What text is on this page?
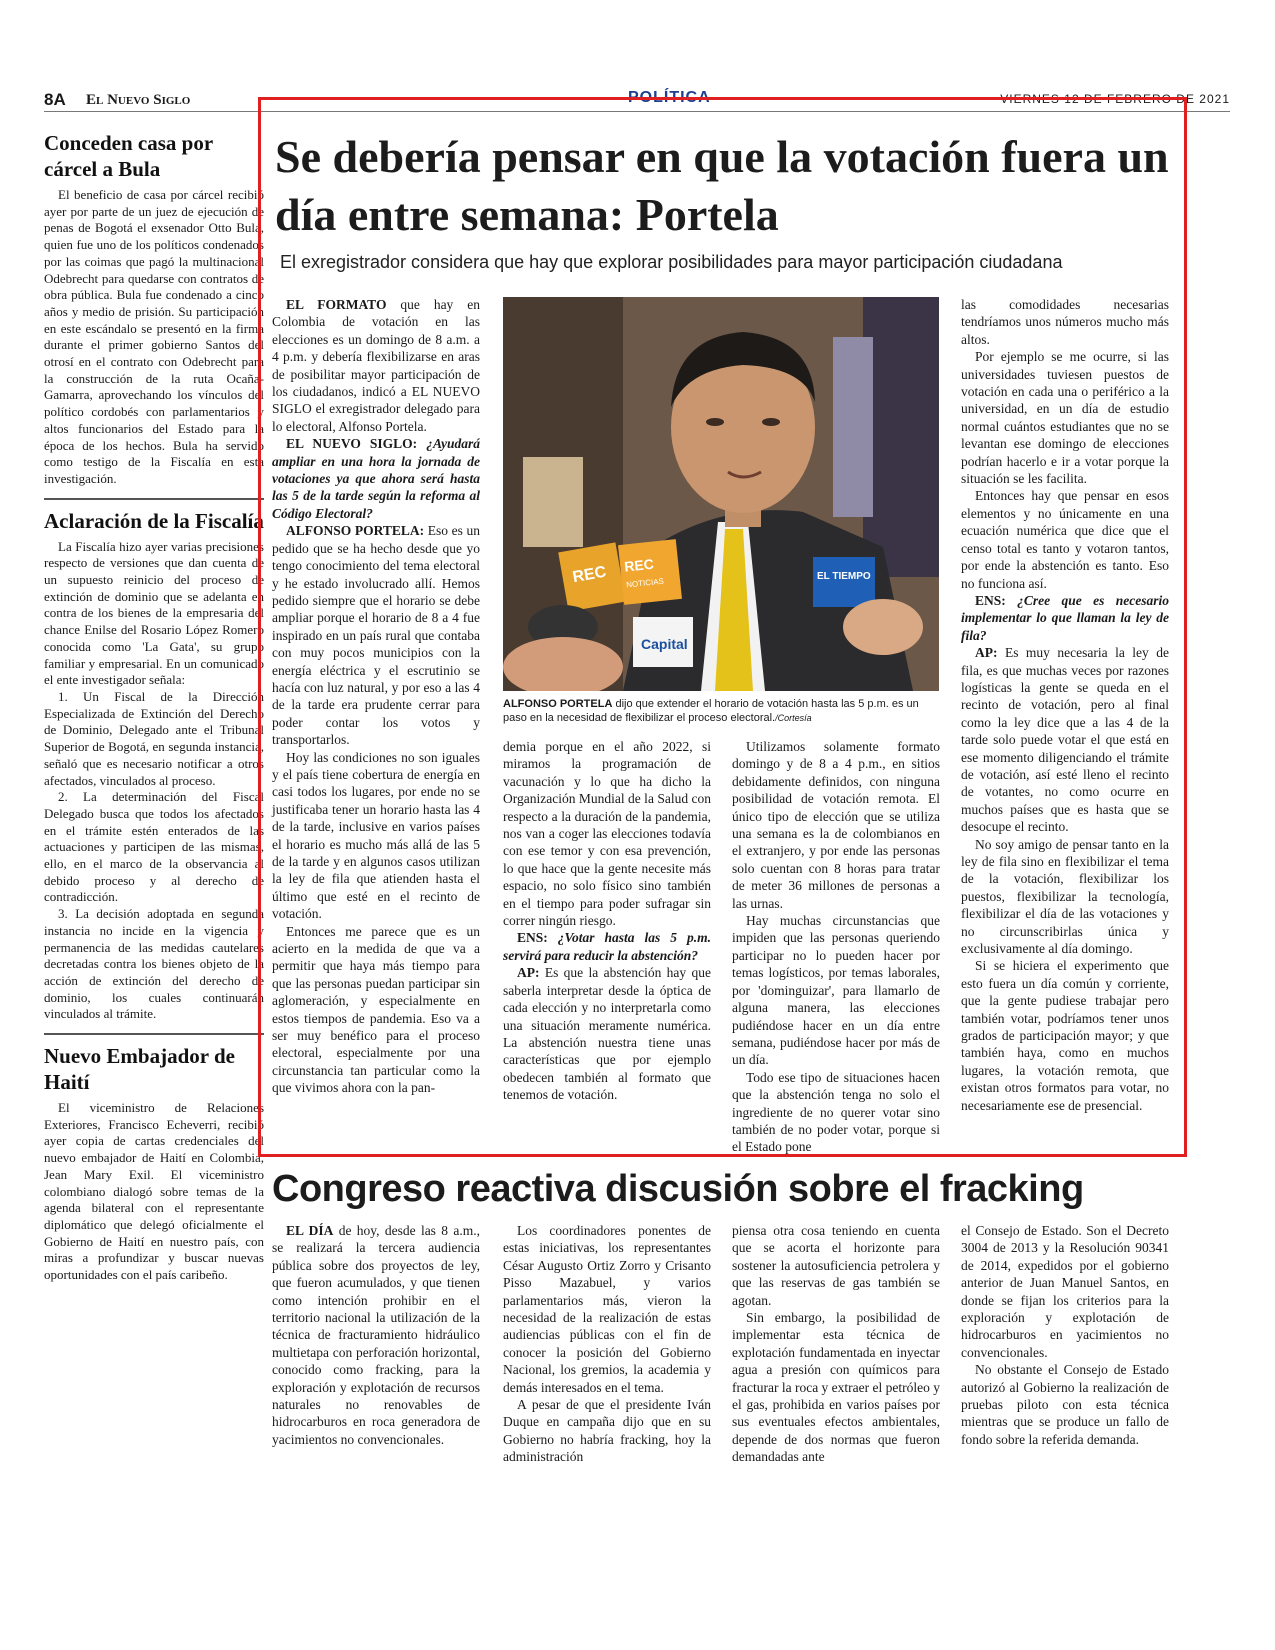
8A El Nuevo Siglo	POLÍTICA	VIERNES 12 DE FEBRERO DE 2021
Conceden casa por cárcel a Bula

El beneficio de casa por cárcel recibió ayer por parte de un juez de ejecución de penas de Bogotá el exsenador Otto Bula, quien fue uno de los políticos condenados por las coimas que pagó la multinacional Odebrecht para quedarse con contratos de obra pública. Bula fue condenado a cinco años y medio de prisión. Su participación en este escándalo se presentó en la firma durante el primer gobierno Santos del otrosí en el contrato con Odebrecht para la construcción de la ruta Ocaña-Gamarra, aprovechando los vínculos del político cordobés con parlamentarios y altos funcionarios del Estado para la época de los hechos. Bula ha servido como testigo de la Fiscalía en esta investigación.

Aclaración de la Fiscalía

La Fiscalía hizo ayer varias precisiones respecto de versiones que dan cuenta de un supuesto reinicio del proceso de extinción de dominio que se adelanta en contra de los bienes de la empresaria del chance Enilse del Rosario López Romero conocida como 'La Gata', su grupo familiar y empresarial. En un comunicado el ente investigador señala:

1. Un Fiscal de la Dirección Especializada de Extinción del Derecho de Dominio, Delegado ante el Tribunal Superior de Bogotá, en segunda instancia, señaló que es necesario notificar a otros afectados, vinculados al proceso.

2. La determinación del Fiscal Delegado busca que todos los afectados en el trámite estén enterados de las actuaciones y participen de las mismas, ello, en el marco de la observancia al debido proceso y al derecho de contradicción.

3. La decisión adoptada en segunda instancia no incide en la vigencia y permanencia de las medidas cautelares decretadas contra los bienes objeto de la acción de extinción del derecho de dominio, los cuales continuarán vinculados al trámite.

Nuevo Embajador de Haití

El viceministro de Relaciones Exteriores, Francisco Echeverri, recibió ayer copia de cartas credenciales del nuevo embajador de Haití en Colombia, Jean Mary Exil. El viceministro colombiano dialogó sobre temas de la agenda bilateral con el representante diplomático que delegó oficialmente el Gobierno de Haití en nuestro país, con miras a profundizar y buscar nuevas oportunidades con el país caribeño.

Se debería pensar en que la votación fuera un día entre semana: Portela
El exregistrador considera que hay que explorar posibilidades para mayor participación ciudadana

EL FORMATO que hay en Colombia de votación en las elecciones es un domingo de 8 a.m. a 4 p.m. y debería flexibilizarse en aras de posibilitar mayor participación de los ciudadanos, indicó a EL NUEVO SIGLO el exregistrador delegado para lo electoral, Alfonso Portela.

EL NUEVO SIGLO: ¿Ayudará ampliar en una hora la jornada de votaciones ya que ahora será hasta las 5 de la tarde según la reforma al Código Electoral?

ALFONSO PORTELA: Eso es un pedido que se ha hecho desde que yo tengo conocimiento del tema electoral y he estado involucrado allí. Hemos pedido siempre que el horario se debe ampliar porque el horario de 8 a 4 fue inspirado en un país rural que contaba con muy pocos municipios con la energía eléctrica y el escrutinio se hacía con luz natural, y por eso a las 4 de la tarde era prudente cerrar para poder contar los votos y transportarlos.

Hoy las condiciones no son iguales y el país tiene cobertura de energía en casi todos los lugares, por ende no se justificaba tener un horario hasta las 4 de la tarde, inclusive en varios países el horario es mucho más allá de las 5 de la tarde y en algunos casos utilizan la ley de fila que atienden hasta el último que esté en el recinto de votación.

Entonces me parece que es un acierto en la medida de que va a permitir que haya más tiempo para que las personas puedan participar sin aglomeración, y especialmente en estos tiempos de pandemia. Eso va a ser muy benéfico para el proceso electoral, especialmente por una circunstancia tan particular como la que vivimos ahora con la pan-

REC REC
NOTICIAS
EL TIEMPO
Capital
ALFONSO PORTELA dijo que extender el horario de votación hasta las 5 p.m. es un paso en la necesidad de flexibilizar el proceso electoral./Cortesía

demia porque en el año 2022, si miramos la programación de vacunación y lo que ha dicho la Organización Mundial de la Salud con respecto a la duración de la pandemia, nos van a coger las elecciones todavía con ese temor y con esa prevención, lo que hace que la gente necesite más espacio, no solo físico sino también en el tiempo para poder sufragar sin correr ningún riesgo.

ENS: ¿Votar hasta las 5 p.m. servirá para reducir la abstención?

AP: Es que la abstención hay que saberla interpretar desde la óptica de cada elección y no interpretarla como una situación meramente numérica. La abstención nuestra tiene unas características que por ejemplo obedecen también al formato que tenemos de votación.

Utilizamos solamente formato domingo y de 8 a 4 p.m., en sitios debidamente definidos, con ninguna posibilidad de votación remota. El único tipo de elección que se utiliza una semana es la de colombianos en el extranjero, y por ende las personas solo cuentan con 8 horas para tratar de meter 36 millones de personas a las urnas.

Hay muchas circunstancias que impiden que las personas queriendo participar no lo pueden hacer por temas logísticos, por temas laborales, por 'dominguizar', para llamarlo de alguna manera, las elecciones pudiéndose hacer en un día entre semana, pudiéndose hacer por más de un día.

Todo ese tipo de situaciones hacen que la abstención tenga no solo el ingrediente de no querer votar sino también de no poder votar, porque si el Estado pone

las comodidades necesarias tendríamos unos números mucho más altos.

Por ejemplo se me ocurre, si las universidades tuviesen puestos de votación en cada una o periférico a la universidad, en un día de estudio normal cuántos estudiantes que no se levantan ese domingo de elecciones podrían hacerlo e ir a votar porque la situación se les facilita.

Entonces hay que pensar en esos elementos y no únicamente en una ecuación numérica que dice que el censo total es tanto y votaron tantos, por ende la abstención es tanto. Eso no funciona así.

ENS: ¿Cree que es necesario implementar lo que llaman la ley de fila?

AP: Es muy necesaria la ley de fila, es que muchas veces por razones logísticas la gente se queda en el recinto de votación, pero al final como la ley dice que a las 4 de la tarde solo puede votar el que está en ese momento diligenciando el trámite de votación, así esté lleno el recinto de votantes, no como ocurre en muchos países que es hasta que se desocupe el recinto.

No soy amigo de pensar tanto en la ley de fila sino en flexibilizar el tema de la votación, flexibilizar los puestos, flexibilizar la tecnología, flexibilizar el día de las votaciones y no circunscribirlas única y exclusivamente al día domingo.

Si se hiciera el experimento que esto fuera un día común y corriente, que la gente pudiese trabajar pero también votar, podríamos tener unos grados de participación mayor; y que también haya, como en muchos lugares, la votación remota, que existan otros formatos para votar, no necesariamente ese de presencial.

Congreso reactiva discusión sobre el fracking

EL DÍA de hoy, desde las 8 a.m., se realizará la tercera audiencia pública sobre dos proyectos de ley, que fueron acumulados, y que tienen como intención prohibir en el territorio nacional la utilización de la técnica de fracturamiento hidráulico multietapa con perforación horizontal, conocido como fracking, para la exploración y explotación de recursos naturales no renovables de hidrocarburos en roca generadora de yacimientos no convencionales.

Los coordinadores ponentes de estas iniciativas, los representantes César Augusto Ortiz Zorro y Crisanto Pisso Mazabuel, y varios parlamentarios más, vieron la necesidad de la realización de estas audiencias públicas con el fin de conocer la posición del Gobierno Nacional, los gremios, la academia y demás interesados en el tema.

A pesar de que el presidente Iván Duque en campaña dijo que en su Gobierno no habría fracking, hoy la administración

piensa otra cosa teniendo en cuenta que se acorta el horizonte para sostener la autosuficiencia petrolera y que las reservas de gas también se agotan.

Sin embargo, la posibilidad de implementar esta técnica de explotación fundamentada en inyectar agua a presión con químicos para fracturar la roca y extraer el petróleo y el gas, prohibida en varios países por sus eventuales efectos ambientales, depende de dos normas que fueron demandadas ante

el Consejo de Estado. Son el Decreto 3004 de 2013 y la Resolución 90341 de 2014, expedidos por el gobierno anterior de Juan Manuel Santos, en donde se fijan los criterios para la exploración y explotación de hidrocarburos en yacimientos no convencionales.

No obstante el Consejo de Estado autorizó al Gobierno la realización de pruebas piloto con esta técnica mientras que se produce un fallo de fondo sobre la referida demanda.
